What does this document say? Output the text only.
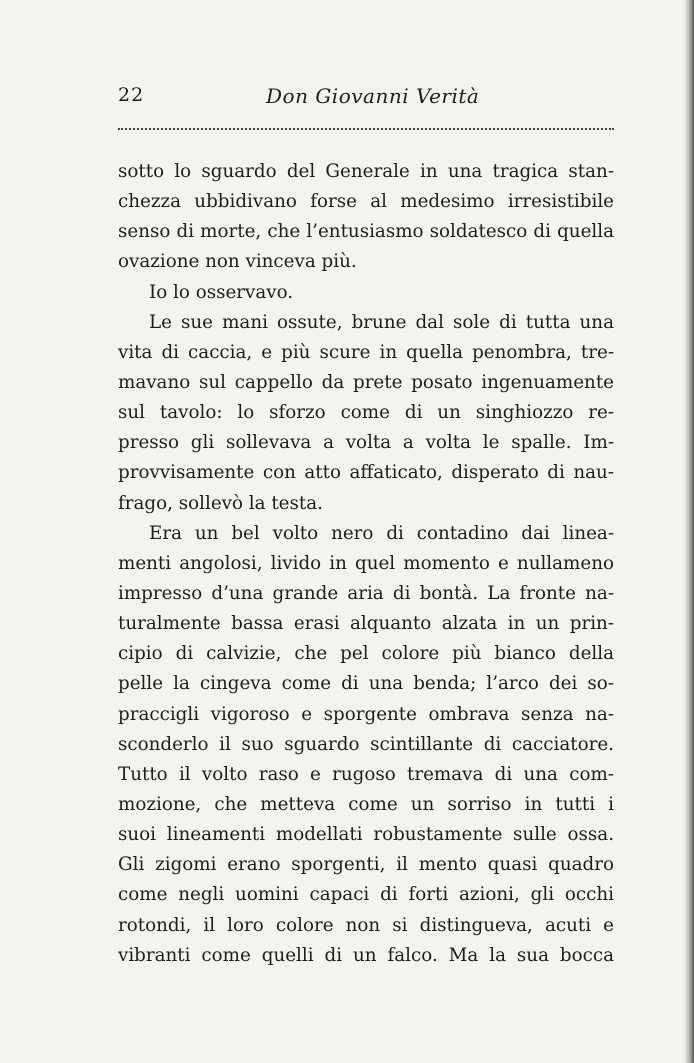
22	Don Giovanni Verità
sotto lo sguardo del Generale in una tragica stan-
chezza ubbidivano forse al medesimo irresistibile
senso di morte, che l’entusiasmo soldatesco di quella
ovazione non vinceva più.
Io lo osservavo.
Le sue mani ossute, brune dal sole di tutta una
vita di caccia, e più scure in quella penombra, tre-
mavano sul cappello da prete posato ingenuamente
sul tavolo: lo sforzo come di un singhiozzo re-
presso gli sollevava a volta a volta le spalle. Im-
provvisamente con atto affaticato, disperato di nau-
frago, sollevò la testa.
Era un bel volto nero di contadino dai linea-
menti angolosi, livido in quel momento e nullameno
impresso d’una grande aria di bontà. La fronte na-
turalmente bassa erasi alquanto alzata in un prin-
cipio di calvizie, che pel colore più bianco della
pelle la cingeva come di una benda; l’arco dei so-
praccigli vigoroso e sporgente ombrava senza na-
sconderlo il suo sguardo scintillante di cacciatore.
Tutto il volto raso e rugoso tremava di una com-
mozione, che metteva come un sorriso in tutti i
suoi lineamenti modellati robustamente sulle ossa.
Gli zigomi erano sporgenti, il mento quasi quadro
come negli uomini capaci di forti azioni, gli occhi
rotondi, il loro colore non si distingueva, acuti e
vibranti come quelli di un falco. Ma la sua bocca
